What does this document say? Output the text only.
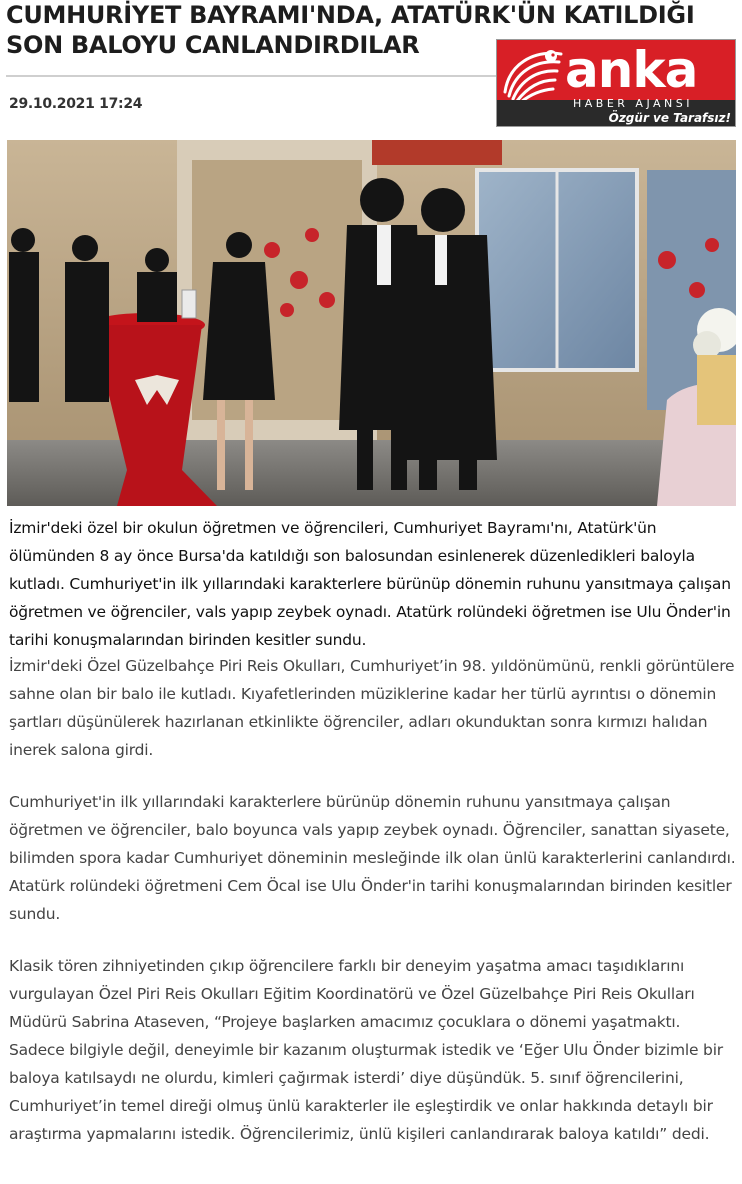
CUMHURİYET BAYRAMI'NDA, ATATÜRK'ÜN KATILDIĞI SON BALOYU CANLANDIRDILAR
29.10.2021 17:24
anka
HABER AJANSI
Özgür ve Tarafsız!

İzmir'deki özel bir okulun öğretmen ve öğrencileri, Cumhuriyet Bayramı'nı, Atatürk'ün ölümünden 8 ay önce Bursa'da katıldığı son balosundan esinlenerek düzenledikleri baloyla kutladı. Cumhuriyet'in ilk yıllarındaki karakterlere bürünüp dönemin ruhunu yansıtmaya çalışan öğretmen ve öğrenciler, vals yapıp zeybek oynadı. Atatürk rolündeki öğretmen ise Ulu Önder'in tarihi konuşmalarından birinden kesitler sundu.

İzmir'deki Özel Güzelbahçe Piri Reis Okulları, Cumhuriyet’in 98. yıldönümünü, renkli görüntülere sahne olan bir balo ile kutladı. Kıyafetlerinden müziklerine kadar her türlü ayrıntısı o dönemin şartları düşünülerek hazırlanan etkinlikte öğrenciler, adları okunduktan sonra kırmızı halıdan inerek salona girdi.

Cumhuriyet'in ilk yıllarındaki karakterlere bürünüp dönemin ruhunu yansıtmaya çalışan öğretmen ve öğrenciler, balo boyunca vals yapıp zeybek oynadı. Öğrenciler, sanattan siyasete, bilimden spora kadar Cumhuriyet döneminin mesleğinde ilk olan ünlü karakterlerini canlandırdı. Atatürk rolündeki öğretmeni Cem Öcal ise Ulu Önder'in tarihi konuşmalarından birinden kesitler sundu.

Klasik tören zihniyetinden çıkıp öğrencilere farklı bir deneyim yaşatma amacı taşıdıklarını vurgulayan Özel Piri Reis Okulları Eğitim Koordinatörü ve Özel Güzelbahçe Piri Reis Okulları Müdürü Sabrina Ataseven, “Projeye başlarken amacımız çocuklara o dönemi yaşatmaktı. Sadece bilgiyle değil, deneyimle bir kazanım oluşturmak istedik ve ‘Eğer Ulu Önder bizimle bir baloya katılsaydı ne olurdu, kimleri çağırmak isterdi’ diye düşündük. 5. sınıf öğrencilerini, Cumhuriyet’in temel direği olmuş ünlü karakterler ile eşleştirdik ve onlar hakkında detaylı bir araştırma yapmalarını istedik. Öğrencilerimiz, ünlü kişileri canlandırarak baloya katıldı” dedi.
